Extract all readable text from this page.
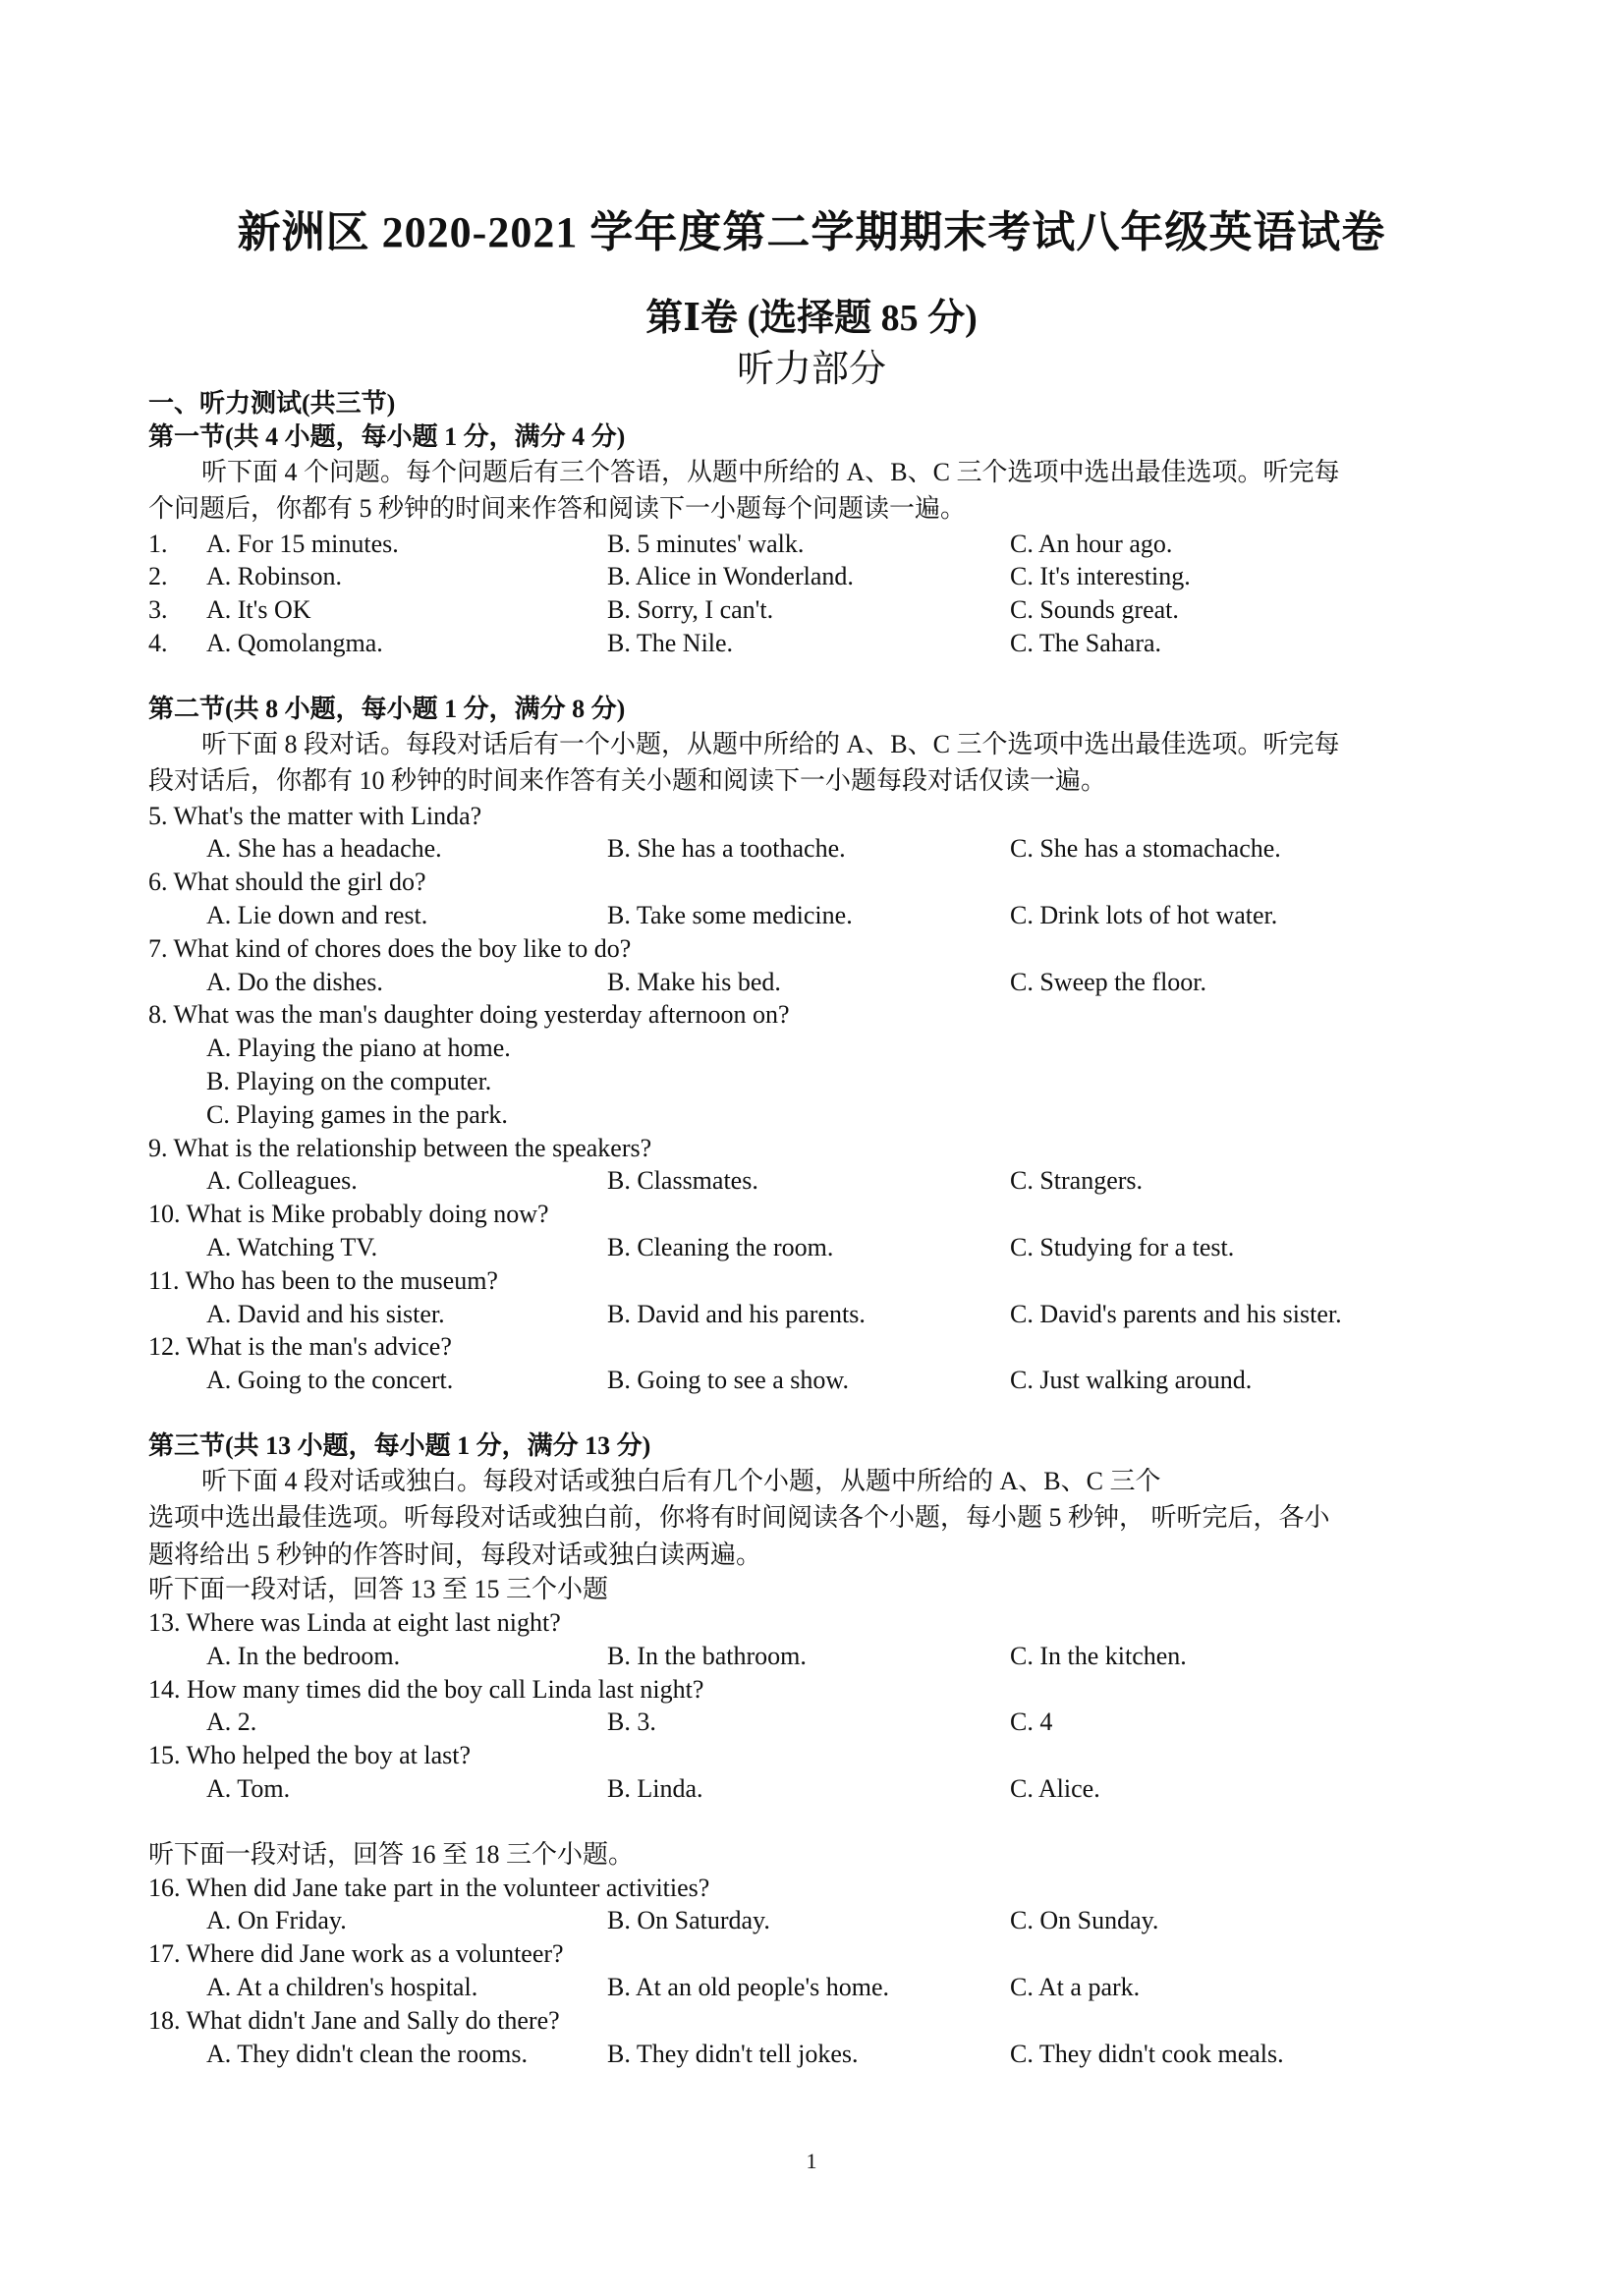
新洲区 2020-2021 学年度第二学期期末考试八年级英语试卷
第Ⅰ卷 (选择题 85 分)
听力部分
一、听力测试(共三节)
第一节(共 4 小题，每小题 1 分，满分 4 分)
听下面 4 个问题。每个问题后有三个答语，从题中所给的 A、B、C 三个选项中选出最佳选项。听完每
个问题后，你都有 5 秒钟的时间来作答和阅读下一小题每个问题读一遍。
1. A. For 15 minutes.	B. 5 minutes' walk.	C. An hour ago.
2. A. Robinson.	B. Alice in Wonderland.	C. It's interesting.
3. A. It's OK	B. Sorry, I can't.	C. Sounds great.
4. A. Qomolangma.	B. The Nile.	C. The Sahara.
第二节(共 8 小题，每小题 1 分，满分 8 分)
听下面 8 段对话。每段对话后有一个小题，从题中所给的 A、B、C 三个选项中选出最佳选项。听完每
段对话后，你都有 10 秒钟的时间来作答有关小题和阅读下一小题每段对话仅读一遍。
5. What's the matter with Linda?
A. She has a headache.	B. She has a toothache.	C. She has a stomachache.
6. What should the girl do?
A. Lie down and rest.	B. Take some medicine.	C. Drink lots of hot water.
7. What kind of chores does the boy like to do?
A. Do the dishes.	B. Make his bed.	C. Sweep the floor.
8. What was the man's daughter doing yesterday afternoon on?
A. Playing the piano at home.
B. Playing on the computer.
C. Playing games in the park.
9. What is the relationship between the speakers?
A. Colleagues.	B. Classmates.	C. Strangers.
10. What is Mike probably doing now?
A. Watching TV.	B. Cleaning the room.	C. Studying for a test.
11. Who has been to the museum?
A. David and his sister.	B. David and his parents.	C. David's parents and his sister.
12. What is the man's advice?
A. Going to the concert.	B. Going to see a show.	C. Just walking around.
第三节(共 13 小题，每小题 1 分，满分 13 分)
听下面 4 段对话或独白。每段对话或独白后有几个小题，从题中所给的 A、B、C 三个
选项中选出最佳选项。听每段对话或独白前，你将有时间阅读各个小题，每小题 5 秒钟， 听听完后，各小
题将给出 5 秒钟的作答时间，每段对话或独白读两遍。
听下面一段对话，回答 13 至 15 三个小题
13. Where was Linda at eight last night?
A. In the bedroom.	B. In the bathroom.	C. In the kitchen.
14. How many times did the boy call Linda last night?
A. 2.	B. 3.	C. 4
15. Who helped the boy at last?
A. Tom.	B. Linda.	C. Alice.
听下面一段对话，回答 16 至 18 三个小题。
16. When did Jane take part in the volunteer activities?
A. On Friday.	B. On Saturday.	C. On Sunday.
17. Where did Jane work as a volunteer?
A. At a children's hospital.	B. At an old people's home.	C. At a park.
18. What didn't Jane and Sally do there?
A. They didn't clean the rooms.	B. They didn't tell jokes.	C. They didn't cook meals.
1
